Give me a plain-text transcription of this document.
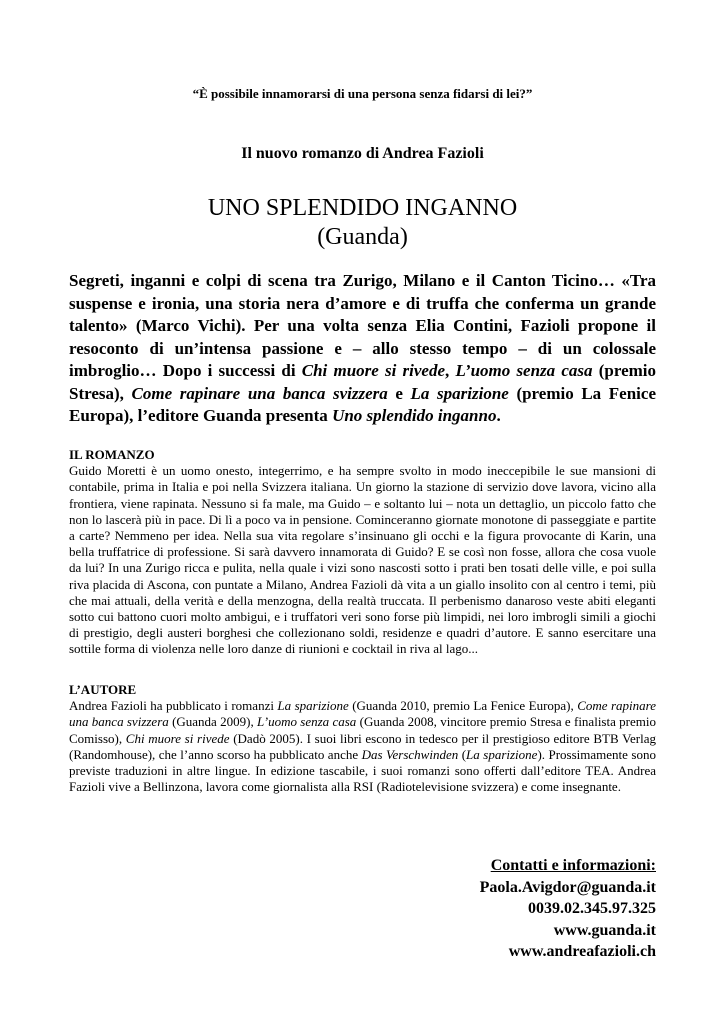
“È possibile innamorarsi di una persona senza fidarsi di lei?”
Il nuovo romanzo di Andrea Fazioli
UNO SPLENDIDO INGANNO
(Guanda)
Segreti, inganni e colpi di scena tra Zurigo, Milano e il Canton Ticino… «Tra suspense e ironia, una storia nera d’amore e di truffa che conferma un grande talento» (Marco Vichi). Per una volta senza Elia Contini, Fazioli propone il resoconto di un’intensa passione e – allo stesso tempo – di un colossale imbroglio… Dopo i successi di Chi muore si rivede, L’uomo senza casa (premio Stresa), Come rapinare una banca svizzera e La sparizione (premio La Fenice Europa), l’editore Guanda presenta Uno splendido inganno.
IL ROMANZO

Guido Moretti è un uomo onesto, integerrimo, e ha sempre svolto in modo ineccepibile le sue mansioni di contabile, prima in Italia e poi nella Svizzera italiana. Un giorno la stazione di servizio dove lavora, vicino alla frontiera, viene rapinata. Nessuno si fa male, ma Guido – e soltanto lui – nota un dettaglio, un piccolo fatto che non lo lascerà più in pace. Di lì a poco va in pensione. Cominceranno giornate monotone di passeggiate e partite a carte? Nemmeno per idea. Nella sua vita regolare s’insinuano gli occhi e la figura provocante di Karin, una bella truffatrice di professione. Si sarà davvero innamorata di Guido? E se così non fosse, allora che cosa vuole da lui? In una Zurigo ricca e pulita, nella quale i vizi sono nascosti sotto i prati ben tosati delle ville, e poi sulla riva placida di Ascona, con puntate a Milano, Andrea Fazioli dà vita a un giallo insolito con al centro i temi, più che mai attuali, della verità e della menzogna, della realtà truccata. Il perbenismo danaroso veste abiti eleganti sotto cui battono cuori molto ambigui, e i truffatori veri sono forse più limpidi, nei loro imbrogli simili a giochi di prestigio, degli austeri borghesi che collezionano soldi, residenze e quadri d’autore. E sanno esercitare una sottile forma di violenza nelle loro danze di riunioni e cocktail in riva al lago...

L’AUTORE

Andrea Fazioli ha pubblicato i romanzi La sparizione (Guanda 2010, premio La Fenice Europa), Come rapinare una banca svizzera (Guanda 2009), L’uomo senza casa (Guanda 2008, vincitore premio Stresa e finalista premio Comisso), Chi muore si rivede (Dadò 2005). I suoi libri escono in tedesco per il prestigioso editore BTB Verlag (Randomhouse), che l’anno scorso ha pubblicato anche Das Verschwinden (La sparizione). Prossimamente sono previste traduzioni in altre lingue. In edizione tascabile, i suoi romanzi sono offerti dall’editore TEA. Andrea Fazioli vive a Bellinzona, lavora come giornalista alla RSI (Radiotelevisione svizzera) e come insegnante.

Contatti e informazioni:
Paola.Avigdor@guanda.it
0039.02.345.97.325
www.guanda.it
www.andreafazioli.ch
